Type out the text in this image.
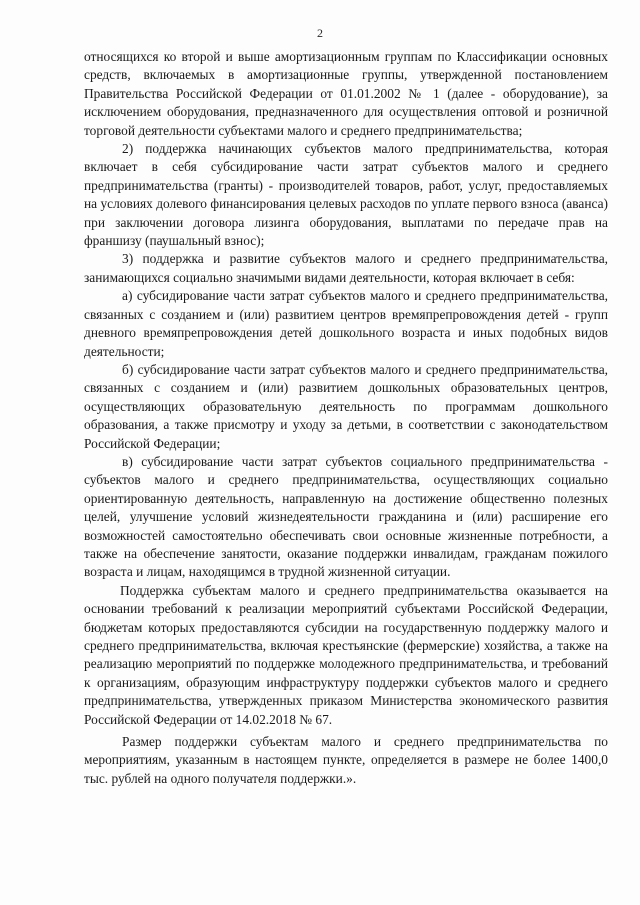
2

относящихся ко второй и выше амортизационным группам по Классификации основных средств, включаемых в амортизационные группы, утвержденной постановлением Правительства Российской Федерации от 01.01.2002 № 1 (далее - оборудование), за исключением оборудования, предназначенного для осуществления оптовой и розничной торговой деятельности субъектами малого и среднего предпринимательства;

2) поддержка начинающих субъектов малого предпринимательства, которая включает в себя субсидирование части затрат субъектов малого и среднего предпринимательства (гранты) - производителей товаров, работ, услуг, предоставляемых на условиях долевого финансирования целевых расходов по уплате первого взноса (аванса) при заключении договора лизинга оборудования, выплатами по передаче прав на франшизу (паушальный взнос);

3) поддержка и развитие субъектов малого и среднего предпринимательства, занимающихся социально значимыми видами деятельности, которая включает в себя:

а) субсидирование части затрат субъектов малого и среднего предпринимательства, связанных с созданием и (или) развитием центров времяпрепровождения детей - групп дневного времяпрепровождения детей дошкольного возраста и иных подобных видов деятельности;

б) субсидирование части затрат субъектов малого и среднего предпринимательства, связанных с созданием и (или) развитием дошкольных образовательных центров, осуществляющих образовательную деятельность по программам дошкольного образования, а также присмотру и уходу за детьми, в соответствии с законодательством Российской Федерации;

в) субсидирование части затрат субъектов социального предпринимательства - субъектов малого и среднего предпринимательства, осуществляющих социально ориентированную деятельность, направленную на достижение общественно полезных целей, улучшение условий жизнедеятельности гражданина и (или) расширение его возможностей самостоятельно обеспечивать свои основные жизненные потребности, а также на обеспечение занятости, оказание поддержки инвалидам, гражданам пожилого возраста и лицам, находящимся в трудной жизненной ситуации.

Поддержка субъектам малого и среднего предпринимательства оказывается на основании требований к реализации мероприятий субъектами Российской Федерации, бюджетам которых предоставляются субсидии на государственную поддержку малого и среднего предпринимательства, включая крестьянские (фермерские) хозяйства, а также на реализацию мероприятий по поддержке молодежного предпринимательства, и требований к организациям, образующим инфраструктуру поддержки субъектов малого и среднего предпринимательства, утвержденных приказом Министерства экономического развития Российской Федерации от 14.02.2018 № 67.

Размер поддержки субъектам малого и среднего предпринимательства по мероприятиям, указанным в настоящем пункте, определяется в размере не более 1400,0 тыс. рублей на одного получателя поддержки.».
